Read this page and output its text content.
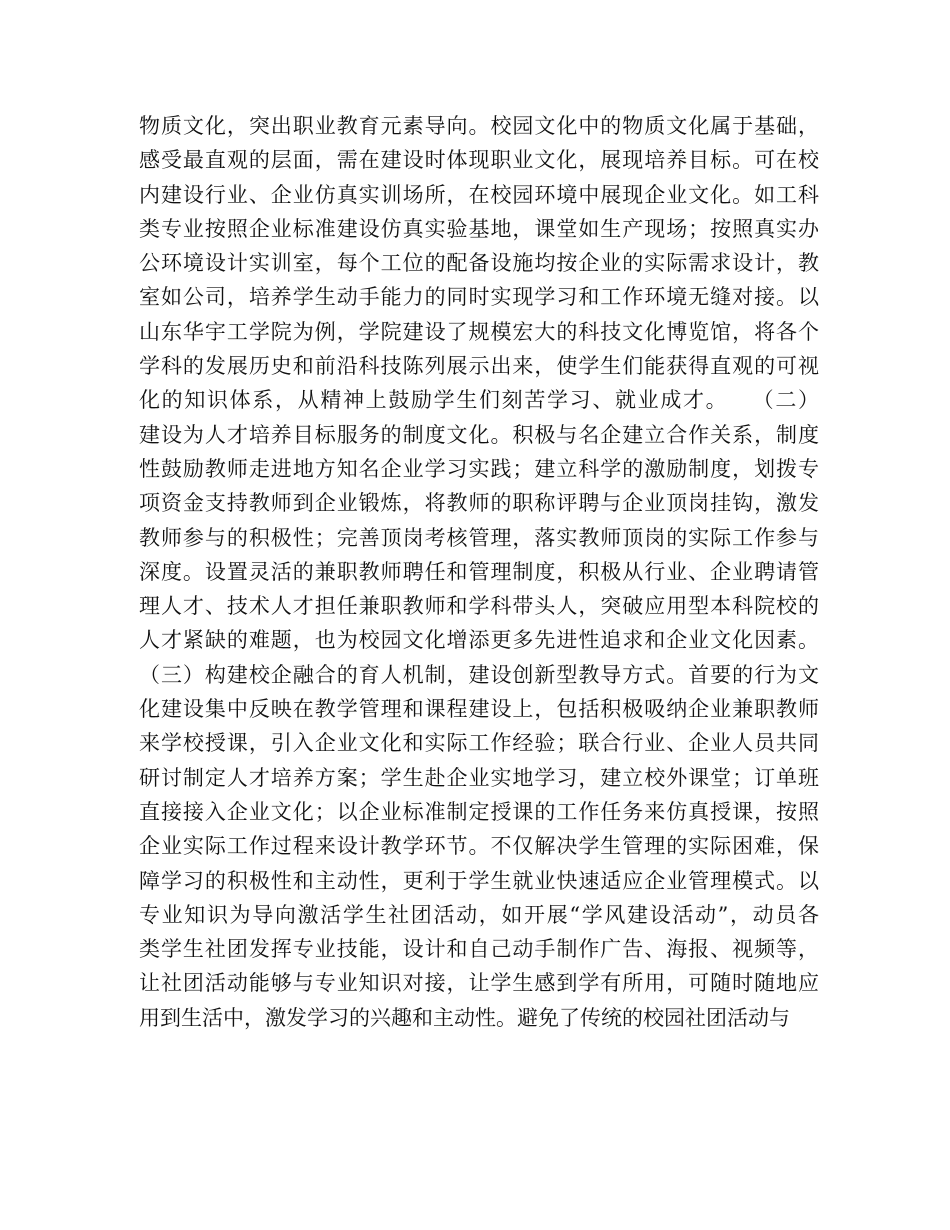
物质文化，突出职业教育元素导向。校园文化中的物质文化属于基础，
感受最直观的层面，需在建设时体现职业文化，展现培养目标。可在校
内建设行业、企业仿真实训场所，在校园环境中展现企业文化。如工科
类专业按照企业标准建设仿真实验基地，课堂如生产现场；按照真实办
公环境设计实训室，每个工位的配备设施均按企业的实际需求设计，教
室如公司，培养学生动手能力的同时实现学习和工作环境无缝对接。以
山东华宇工学院为例，学院建设了规模宏大的科技文化博览馆，将各个
学科的发展历史和前沿科技陈列展示出来，使学生们能获得直观的可视
化的知识体系，从精神上鼓励学生们刻苦学习、就业成才。　　（二）
建设为人才培养目标服务的制度文化。积极与名企建立合作关系，制度
性鼓励教师走进地方知名企业学习实践；建立科学的激励制度，划拨专
项资金支持教师到企业锻炼，将教师的职称评聘与企业顶岗挂钩，激发
教师参与的积极性；完善顶岗考核管理，落实教师顶岗的实际工作参与
深度。设置灵活的兼职教师聘任和管理制度，积极从行业、企业聘请管
理人才、技术人才担任兼职教师和学科带头人，突破应用型本科院校的
人才紧缺的难题，也为校园文化增添更多先进性追求和企业文化因素。
（三）构建校企融合的育人机制，建设创新型教导方式。首要的行为文
化建设集中反映在教学管理和课程建设上，包括积极吸纳企业兼职教师
来学校授课，引入企业文化和实际工作经验；联合行业、企业人员共同
研讨制定人才培养方案；学生赴企业实地学习，建立校外课堂；订单班
直接接入企业文化；以企业标准制定授课的工作任务来仿真授课，按照
企业实际工作过程来设计教学环节。不仅解决学生管理的实际困难，保
障学习的积极性和主动性，更利于学生就业快速适应企业管理模式。以
专业知识为导向激活学生社团活动，如开展“学风建设活动”，动员各
类学生社团发挥专业技能，设计和自己动手制作广告、海报、视频等，
让社团活动能够与专业知识对接，让学生感到学有所用，可随时随地应
用到生活中，激发学习的兴趣和主动性。避免了传统的校园社团活动与
